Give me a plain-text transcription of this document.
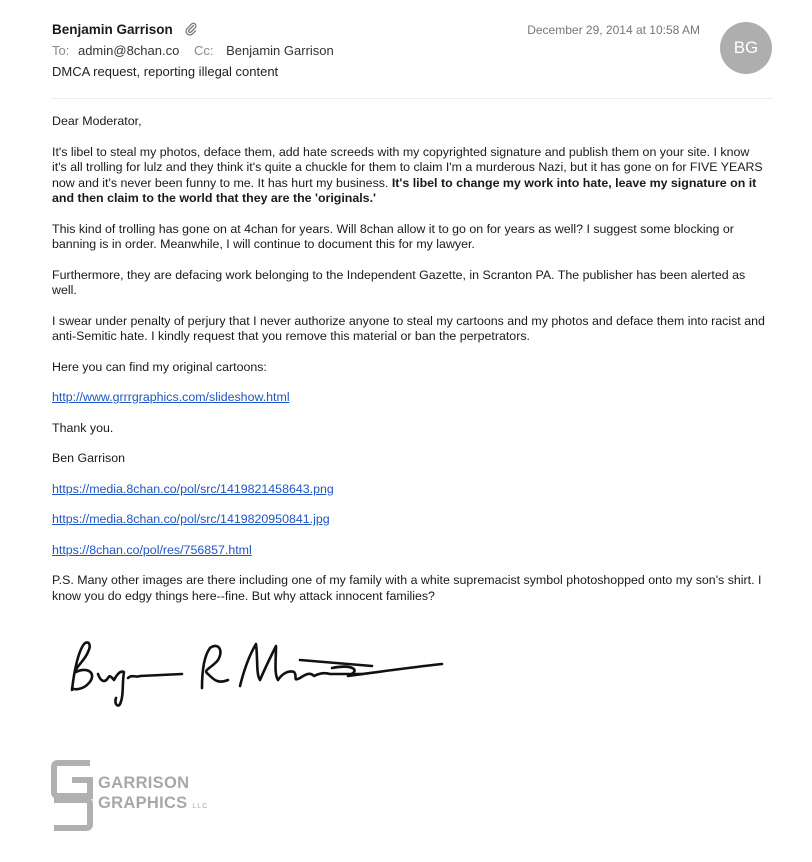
Benjamin Garrison	December 29, 2014 at 10:58 AM
BG
To: admin@8chan.co Cc: Benjamin Garrison
DMCA request, reporting illegal content

Dear Moderator,

It's libel to steal my photos, deface them, add hate screeds with my copyrighted signature and publish them on your site. I know it's all trolling for lulz and they think it's quite a chuckle for them to claim I'm a murderous Nazi, but it has gone on for FIVE YEARS now and it's never been funny to me. It has hurt my business. It's libel to change my work into hate, leave my signature on it and then claim to the world that they are the 'originals.'

This kind of trolling has gone on at 4chan for years. Will 8chan allow it to go on for years as well? I suggest some blocking or banning is in order. Meanwhile, I will continue to document this for my lawyer.

Furthermore, they are defacing work belonging to the Independent Gazette, in Scranton PA. The publisher has been alerted as well.

I swear under penalty of perjury that I never authorize anyone to steal my cartoons and my photos and deface them into racist and anti-Semitic hate. I kindly request that you remove this material or ban the perpetrators.

Here you can find my original cartoons:

http://www.grrrgraphics.com/slideshow.html

Thank you.

Ben Garrison

https://media.8chan.co/pol/src/1419821458643.png

https://media.8chan.co/pol/src/1419820950841.jpg

https://8chan.co/pol/res/756857.html

P.S. Many other images are there including one of my family with a white supremacist symbol photoshopped onto my son's shirt. I know you do edgy things here--fine. But why attack innocent families?

GARRISON
GRAPHICS LLC
